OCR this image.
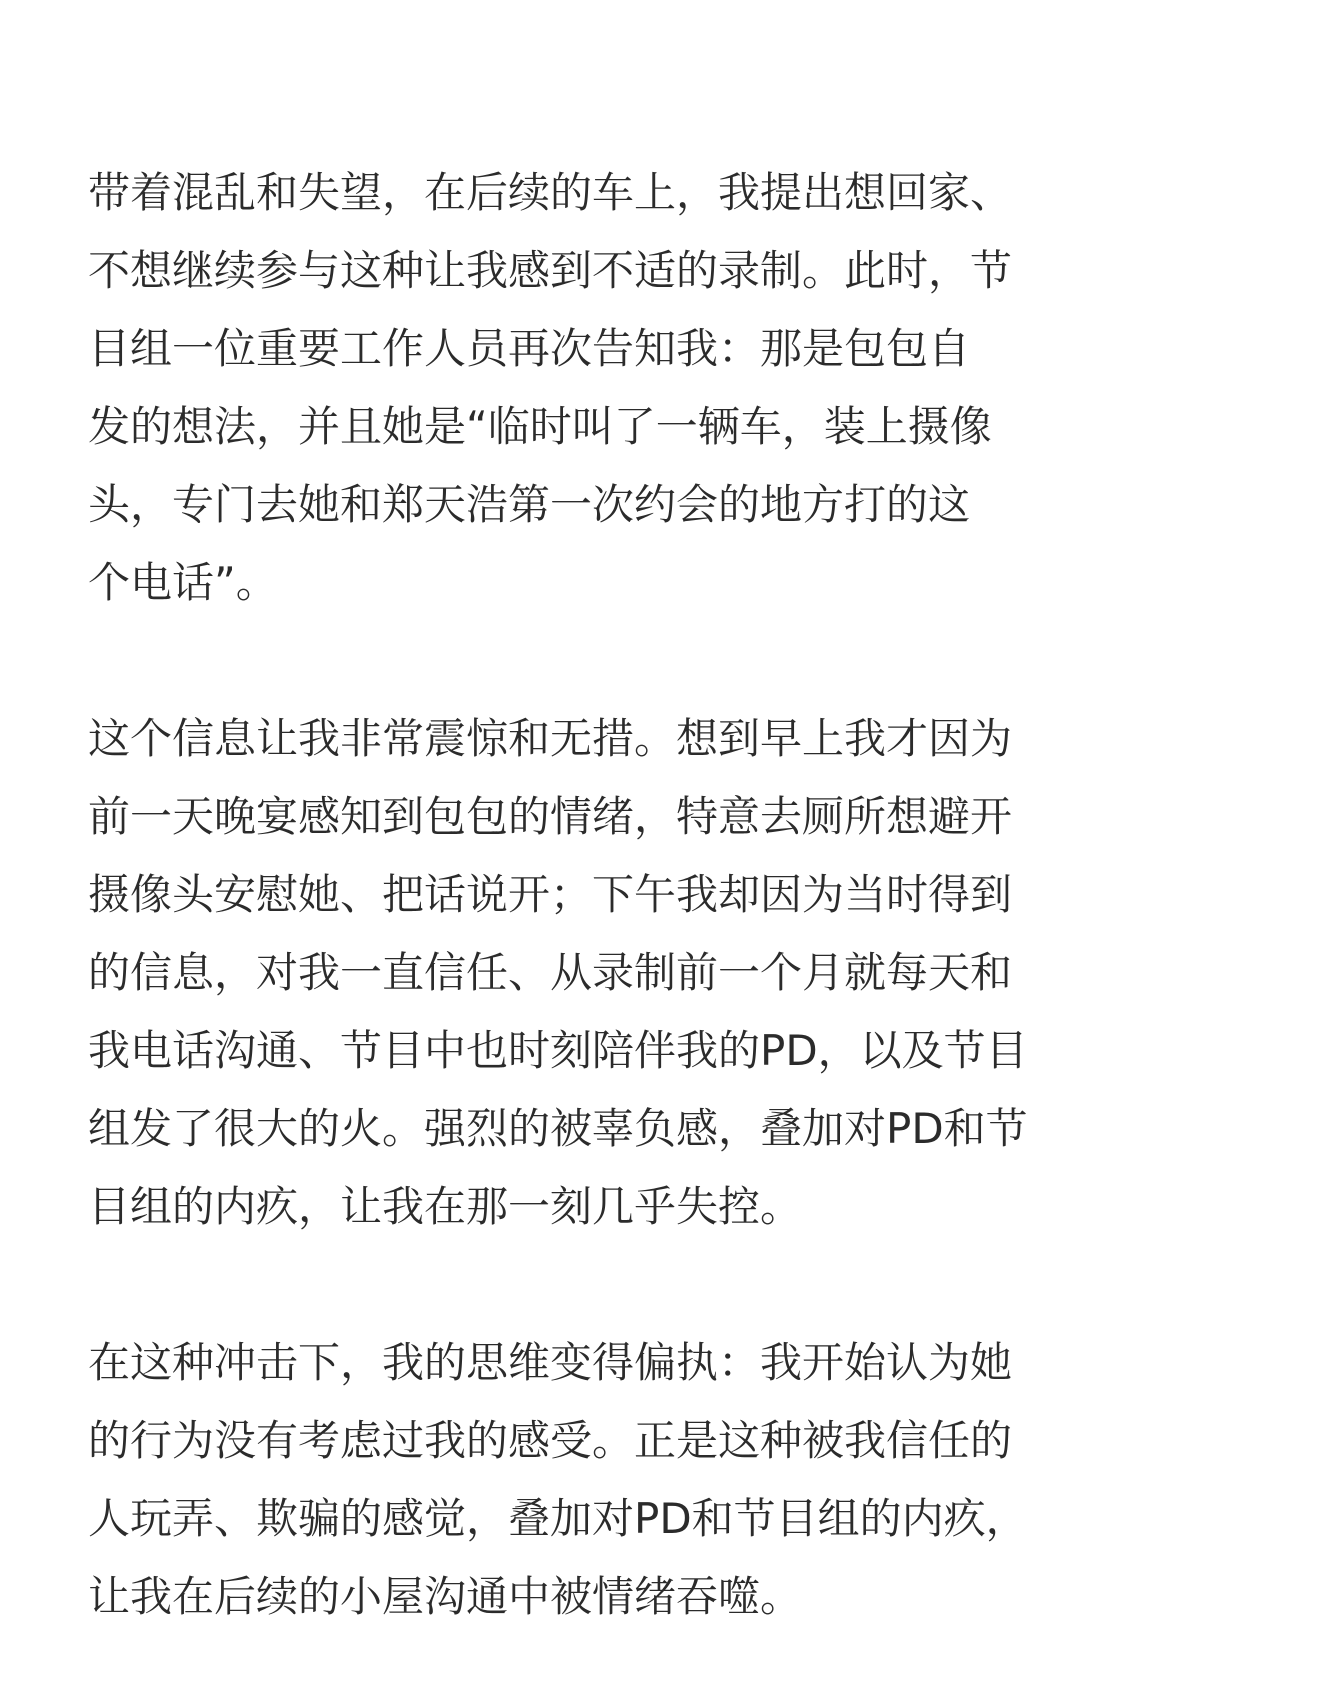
带着混乱和失望，在后续的车上，我提出想回家、
不想继续参与这种让我感到不适的录制。此时，节
目组一位重要工作人员再次告知我：那是包包自
发的想法，并且她是“临时叫了一辆车，装上摄像
头，专门去她和郑天浩第一次约会的地方打的这
个电话”。

这个信息让我非常震惊和无措。想到早上我才因为
前一天晚宴感知到包包的情绪，特意去厕所想避开
摄像头安慰她、把话说开；下午我却因为当时得到
的信息，对我一直信任、从录制前一个月就每天和
我电话沟通、节目中也时刻陪伴我的PD，以及节目
组发了很大的火。强烈的被辜负感，叠加对PD和节
目组的内疚，让我在那一刻几乎失控。

在这种冲击下，我的思维变得偏执：我开始认为她
的行为没有考虑过我的感受。正是这种被我信任的
人玩弄、欺骗的感觉，叠加对PD和节目组的内疚，
让我在后续的小屋沟通中被情绪吞噬。
